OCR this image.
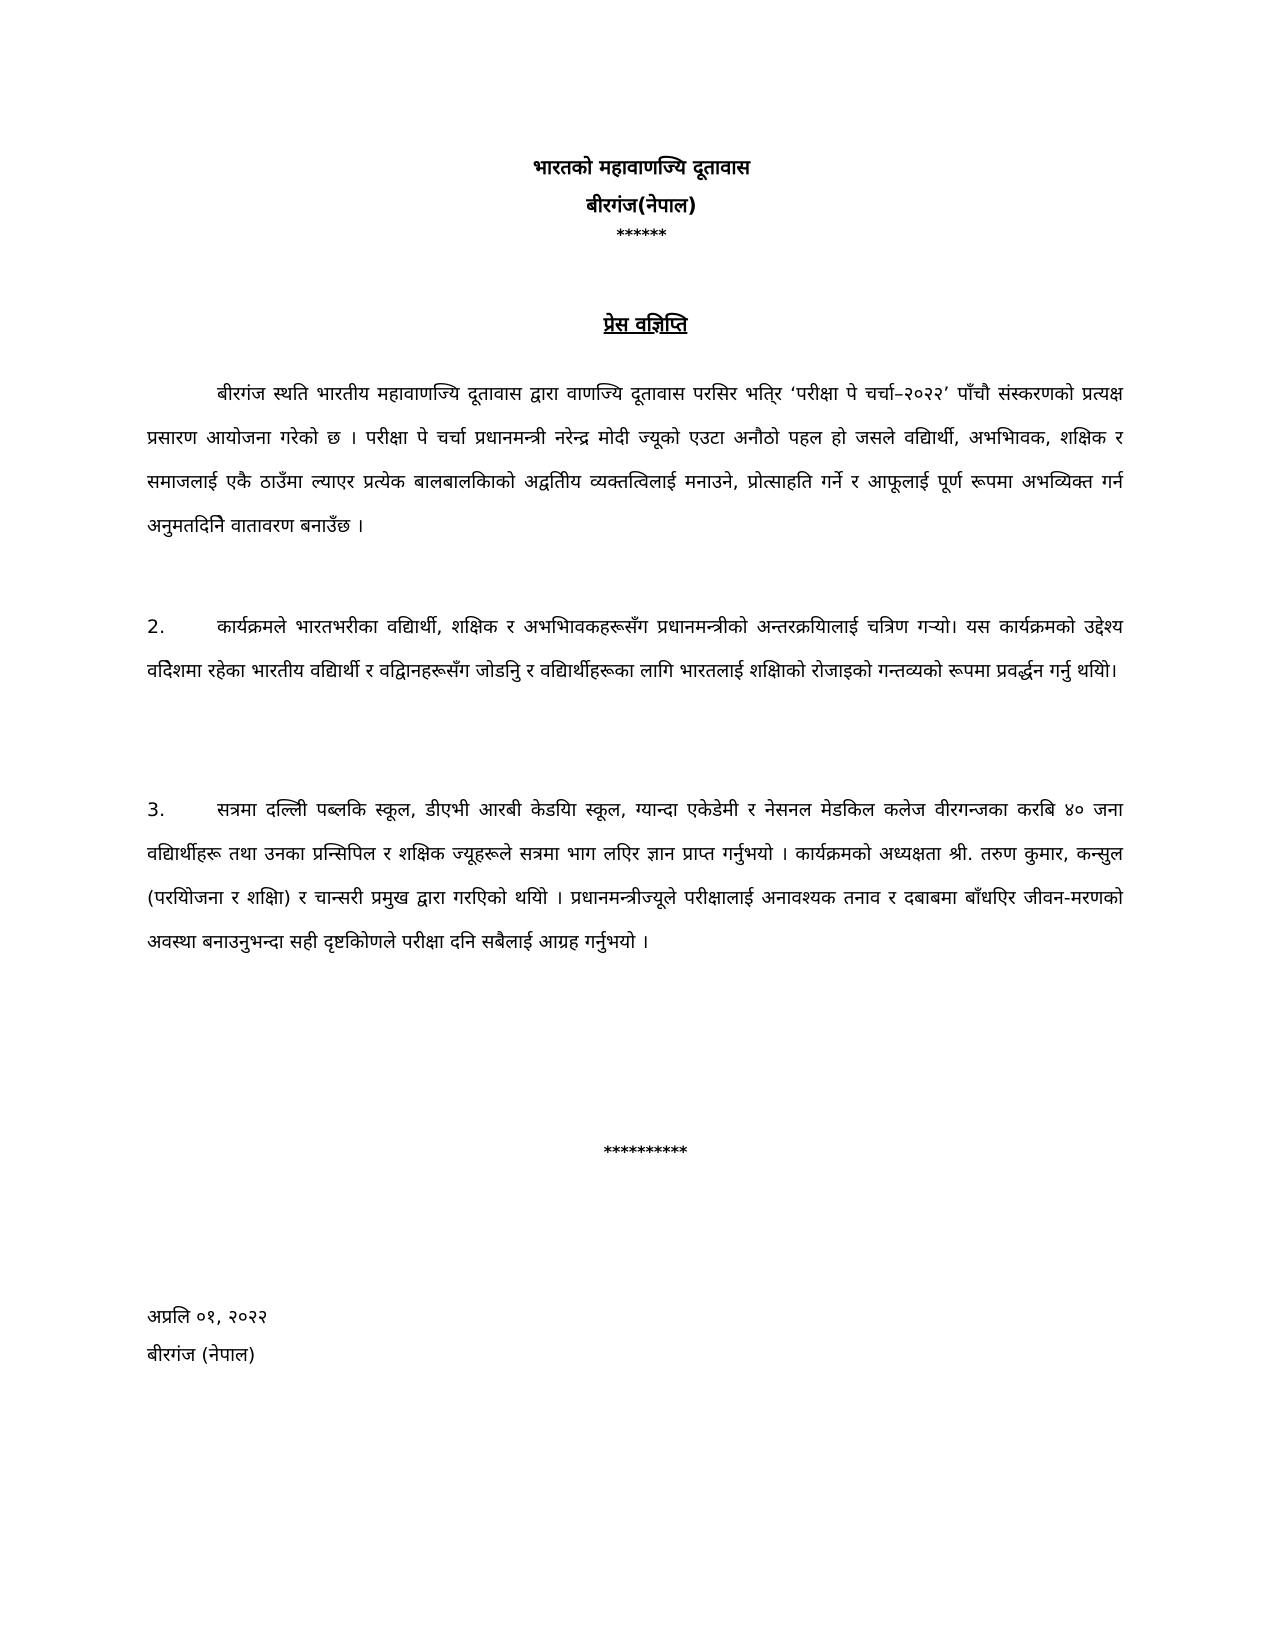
भारतको महावाणज्यि दूतावास
बीरगंज(नेपाल)
******
प्रेस वज्ञिप्ति
बीरगंज स्थति भारतीय महावाणज्यि दूतावास द्वारा वाणज्यि दूतावास परसिर भति्र ‘परीक्षा पे चर्चा–२०२२’ पाँचौ संस्करणको प्रत्यक्ष प्रसारण आयोजना गरेको छ । परीक्षा पे चर्चा प्रधानमन्त्री नरेन्द्र मोदी ज्यूको एउटा अनौठो पहल हो जसले वद्यिार्थी, अभभिावक, शक्षिक र समाजलाई एकै ठाउँमा ल्याएर प्रत्येक बालबालकिाको अद्वतिीय व्यक्तत्विलाई मनाउने, प्रोत्साहति गर्ने र आफूलाई पूर्ण रूपमा अभव्यिक्त गर्न अनुमतदिनिे वातावरण बनाउँछ ।
2.	कार्यक्रमले भारतभरीका वद्यिार्थी, शक्षिक र अभभिावकहरूसँग प्रधानमन्त्रीको अन्तरक्रयिालाई चत्रिण गर्‍यो। यस कार्यक्रमको उद्देश्य वदिेशमा रहेका भारतीय वद्यिार्थी र वद्विानहरूसँग जोडनुि र वद्यिार्थीहरूका लागि भारतलाई शक्षिाको रोजाइको गन्तव्यको रूपमा प्रवर्द्धन गर्नु थयिो।
3.	सत्रमा दल्लिी पब्लकि स्कूल, डीएभी आरबी केडयिा स्कूल, ग्यान्दा एकेडेमी र नेसनल मेडकिल कलेज वीरगन्जका करबि ४० जना वद्यिार्थीहरू तथा उनका प्रन्सिपिल र शक्षिक ज्यूहरूले सत्रमा भाग लएिर ज्ञान प्राप्त गर्नुभयो । कार्यक्रमको अध्यक्षता श्री. तरुण कुमार, कन्सुल (परयिोजना र शक्षिा) र चान्सरी प्रमुख द्वारा गरएिको थयिो । प्रधानमन्त्रीज्यूले परीक्षालाई अनावश्यक तनाव र दबाबमा बाँधएिर जीवन-मरणको अवस्था बनाउनुभन्दा सही दृष्टकिोणले परीक्षा दनि सबैलाई आग्रह गर्नुभयो ।
**********
अप्रलि ०१, २०२२
बीरगंज (नेपाल)
